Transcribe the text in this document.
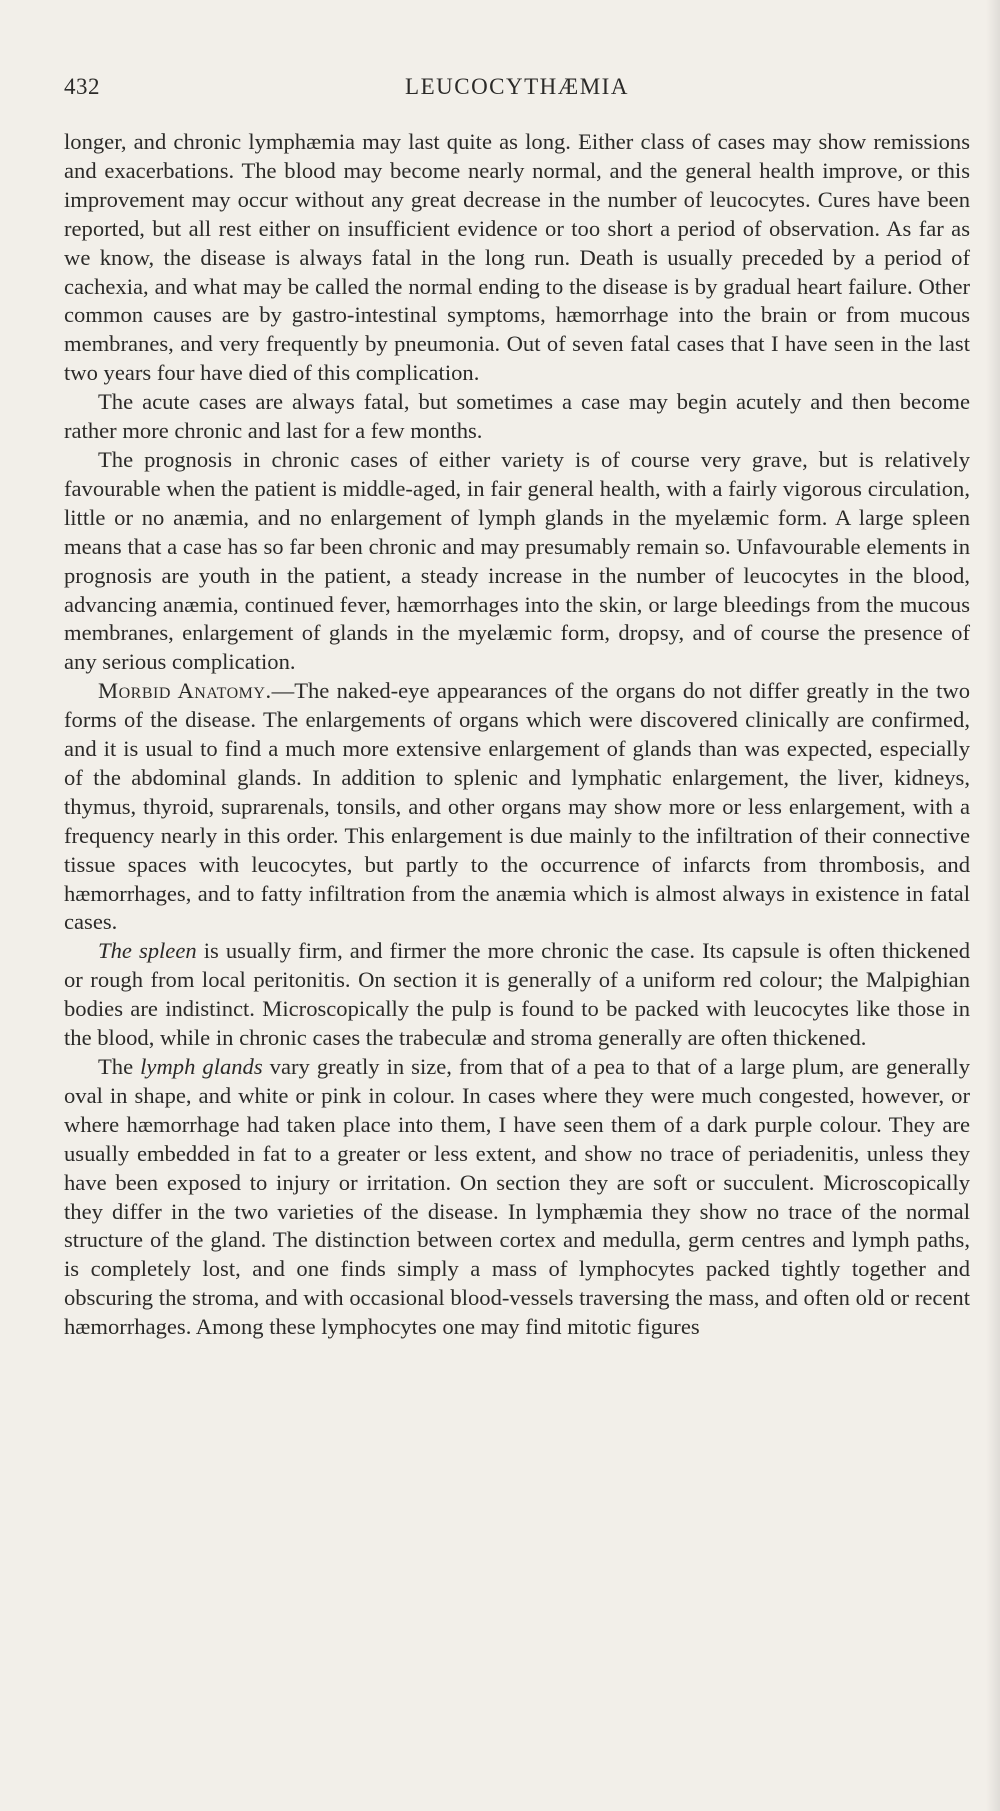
432	LEUCOCYTHÆMIA

longer, and chronic lymphæmia may last quite as long. Either class of cases may show remissions and exacerbations. The blood may become nearly normal, and the general health improve, or this improvement may occur without any great decrease in the number of leucocytes. Cures have been reported, but all rest either on insufficient evidence or too short a period of observation. As far as we know, the disease is always fatal in the long run. Death is usually preceded by a period of cachexia, and what may be called the normal ending to the disease is by gradual heart failure. Other common causes are by gastro-intestinal symptoms, hæmorrhage into the brain or from mucous membranes, and very frequently by pneumonia. Out of seven fatal cases that I have seen in the last two years four have died of this complication.

The acute cases are always fatal, but sometimes a case may begin acutely and then become rather more chronic and last for a few months.

The prognosis in chronic cases of either variety is of course very grave, but is relatively favourable when the patient is middle-aged, in fair general health, with a fairly vigorous circulation, little or no anæmia, and no enlargement of lymph glands in the myelæmic form. A large spleen means that a case has so far been chronic and may presumably remain so. Unfavourable elements in prognosis are youth in the patient, a steady increase in the number of leucocytes in the blood, advancing anæmia, continued fever, hæmorrhages into the skin, or large bleedings from the mucous membranes, enlargement of glands in the myelæmic form, dropsy, and of course the presence of any serious complication.

Morbid Anatomy.—The naked-eye appearances of the organs do not differ greatly in the two forms of the disease. The enlargements of organs which were discovered clinically are confirmed, and it is usual to find a much more extensive enlargement of glands than was expected, especially of the abdominal glands. In addition to splenic and lymphatic enlargement, the liver, kidneys, thymus, thyroid, suprarenals, tonsils, and other organs may show more or less enlargement, with a frequency nearly in this order. This enlargement is due mainly to the infiltration of their connective tissue spaces with leucocytes, but partly to the occurrence of infarcts from thrombosis, and hæmorrhages, and to fatty infiltration from the anæmia which is almost always in existence in fatal cases.

The spleen is usually firm, and firmer the more chronic the case. Its capsule is often thickened or rough from local peritonitis. On section it is generally of a uniform red colour; the Malpighian bodies are indistinct. Microscopically the pulp is found to be packed with leucocytes like those in the blood, while in chronic cases the trabeculæ and stroma generally are often thickened.

The lymph glands vary greatly in size, from that of a pea to that of a large plum, are generally oval in shape, and white or pink in colour. In cases where they were much congested, however, or where hæmorrhage had taken place into them, I have seen them of a dark purple colour. They are usually embedded in fat to a greater or less extent, and show no trace of periadenitis, unless they have been exposed to injury or irritation. On section they are soft or succulent. Microscopically they differ in the two varieties of the disease. In lymphæmia they show no trace of the normal structure of the gland. The distinction between cortex and medulla, germ centres and lymph paths, is completely lost, and one finds simply a mass of lymphocytes packed tightly together and obscuring the stroma, and with occasional blood-vessels traversing the mass, and often old or recent hæmorrhages. Among these lymphocytes one may find mitotic figures
